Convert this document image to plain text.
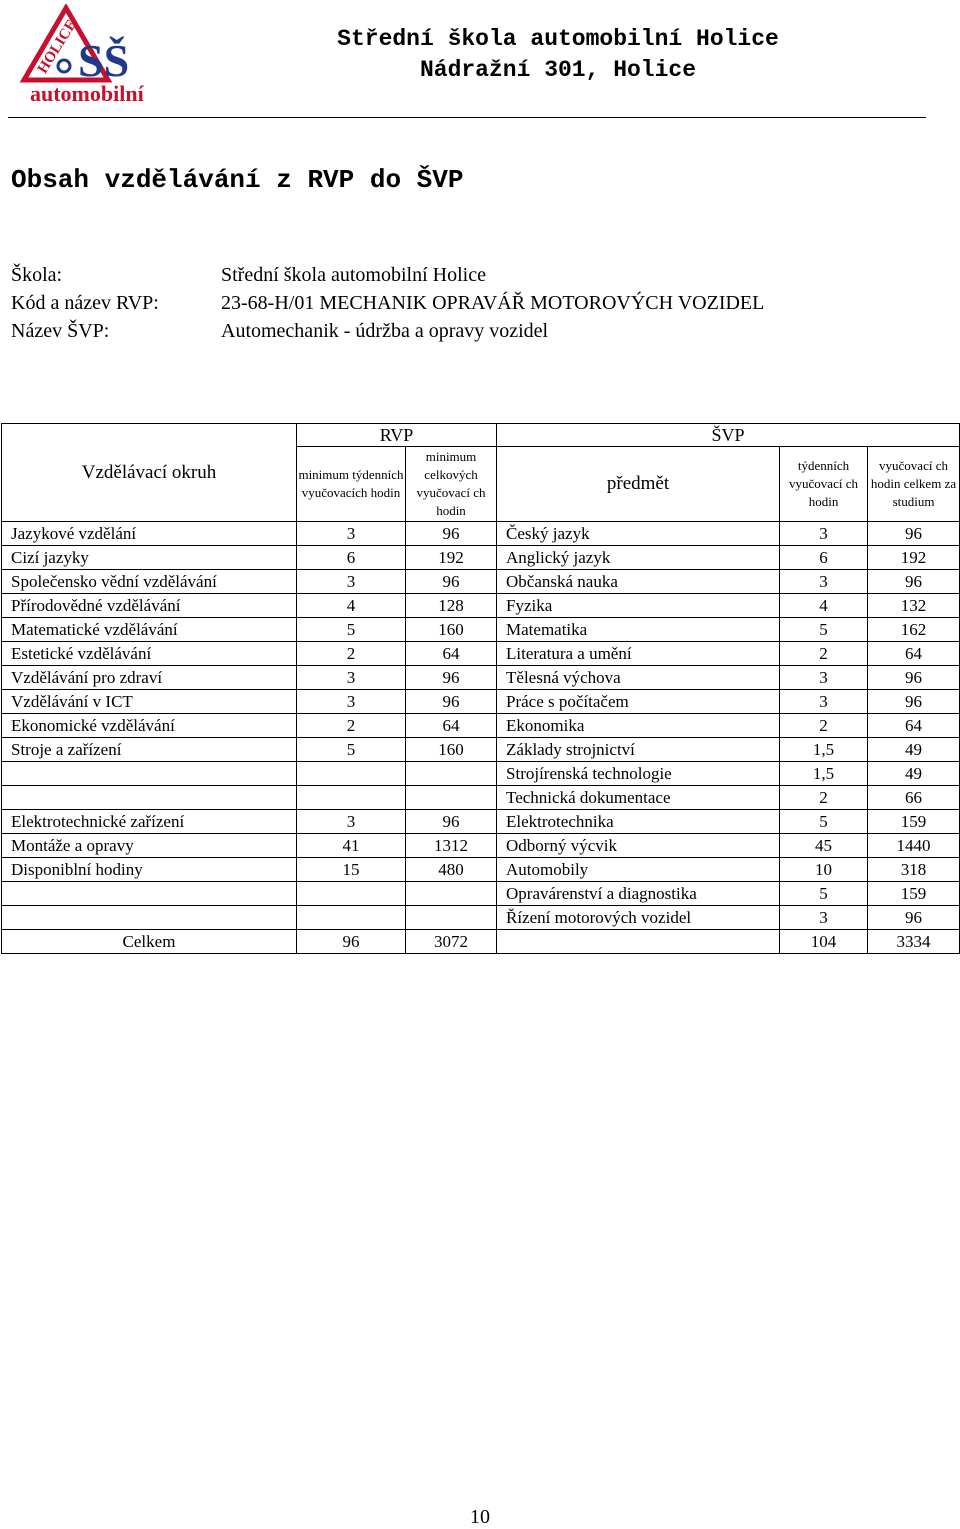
HOLICE
SŠ
automobilní
Střední škola automobilní Holice
Nádražní 301, Holice
Obsah vzdělávání z RVP do ŠVP
Škola:	Střední škola automobilní Holice
Kód a název RVP:	23-68-H/01 MECHANIK OPRAVÁŘ MOTOROVÝCH VOZIDEL
Název ŠVP:	Automechanik - údržba a opravy vozidel
Vzdělávací okruh	RVP		ŠVP		
	minimum týdenních vyučovacích hodin	minimum celkových vyučovací ch hodin	předmět	týdenních vyučovací ch hodin	vyučovací ch hodin celkem za studium
Jazykové vzdělání	3	96	Český jazyk	3	96
Cizí jazyky	6	192	Anglický jazyk	6	192
Společensko vědní vzdělávání	3	96	Občanská nauka	3	96
Přírodovědné vzdělávání	4	128	Fyzika	4	132
Matematické vzdělávání	5	160	Matematika	5	162
Estetické vzdělávání	2	64	Literatura a umění	2	64
Vzdělávání pro zdraví	3	96	Tělesná výchova	3	96
Vzdělávání v ICT	3	96	Práce s počítačem	3	96
Ekonomické vzdělávání	2	64	Ekonomika	2	64
Stroje a zařízení	5	160	Základy strojnictví	1,5	49
			Strojírenská technologie	1,5	49
			Technická dokumentace	2	66
Elektrotechnické zařízení	3	96	Elektrotechnika	5	159
Montáže a opravy	41	1312	Odborný výcvik	45	1440
Disponiblní hodiny	15	480	Automobily	10	318
			Opravárenství a diagnostika	5	159
			Řízení motorových vozidel	3	96
Celkem	96	3072		104	3334
10
